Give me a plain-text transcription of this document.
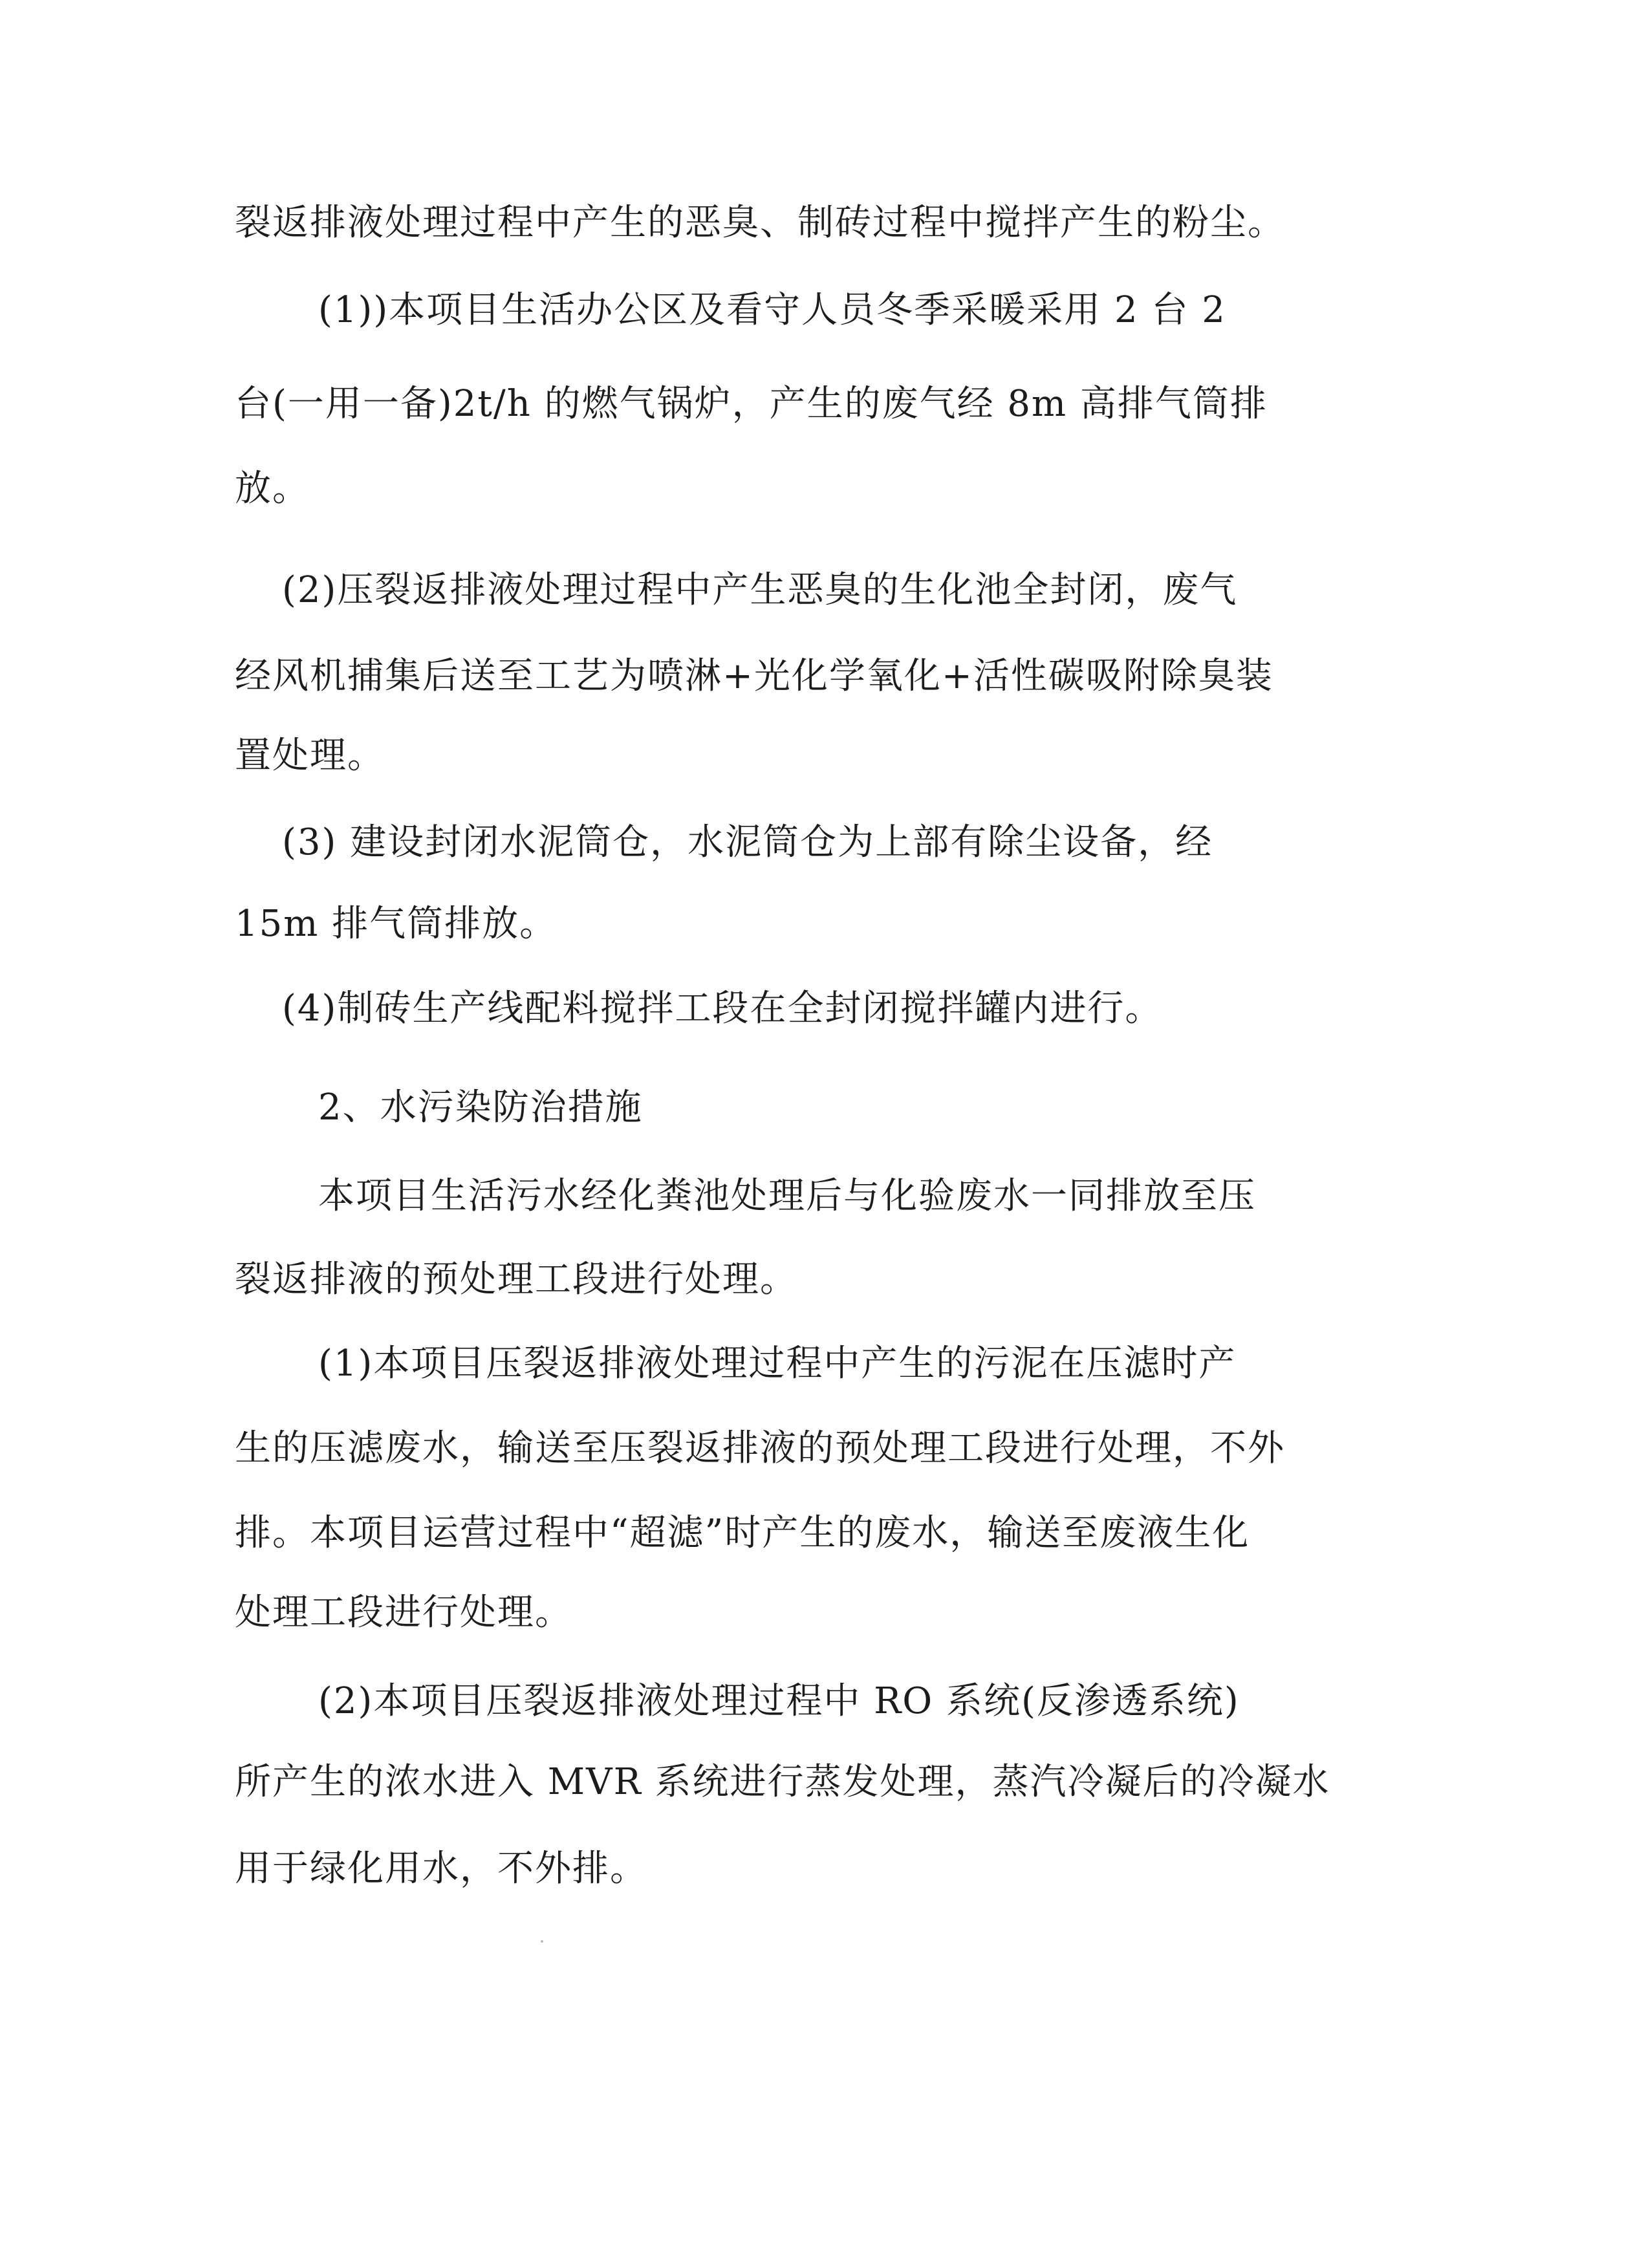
裂返排液处理过程中产生的恶臭、制砖过程中搅拌产生的粉尘。
(1))本项目生活办公区及看守人员冬季采暖采用 2 台 2
台(一用一备)2t/h 的燃气锅炉，产生的废气经 8m 高排气筒排
放。
(2)压裂返排液处理过程中产生恶臭的生化池全封闭，废气
经风机捕集后送至工艺为喷淋+光化学氧化+活性碳吸附除臭装
置处理。
(3) 建设封闭水泥筒仓，水泥筒仓为上部有除尘设备，经
15m 排气筒排放。
(4)制砖生产线配料搅拌工段在全封闭搅拌罐内进行。
2、水污染防治措施
本项目生活污水经化粪池处理后与化验废水一同排放至压
裂返排液的预处理工段进行处理。
(1)本项目压裂返排液处理过程中产生的污泥在压滤时产
生的压滤废水，输送至压裂返排液的预处理工段进行处理，不外
排。本项目运营过程中“超滤”时产生的废水，输送至废液生化
处理工段进行处理。
(2)本项目压裂返排液处理过程中 RO 系统(反渗透系统)
所产生的浓水进入 MVR 系统进行蒸发处理，蒸汽冷凝后的冷凝水
用于绿化用水，不外排。
